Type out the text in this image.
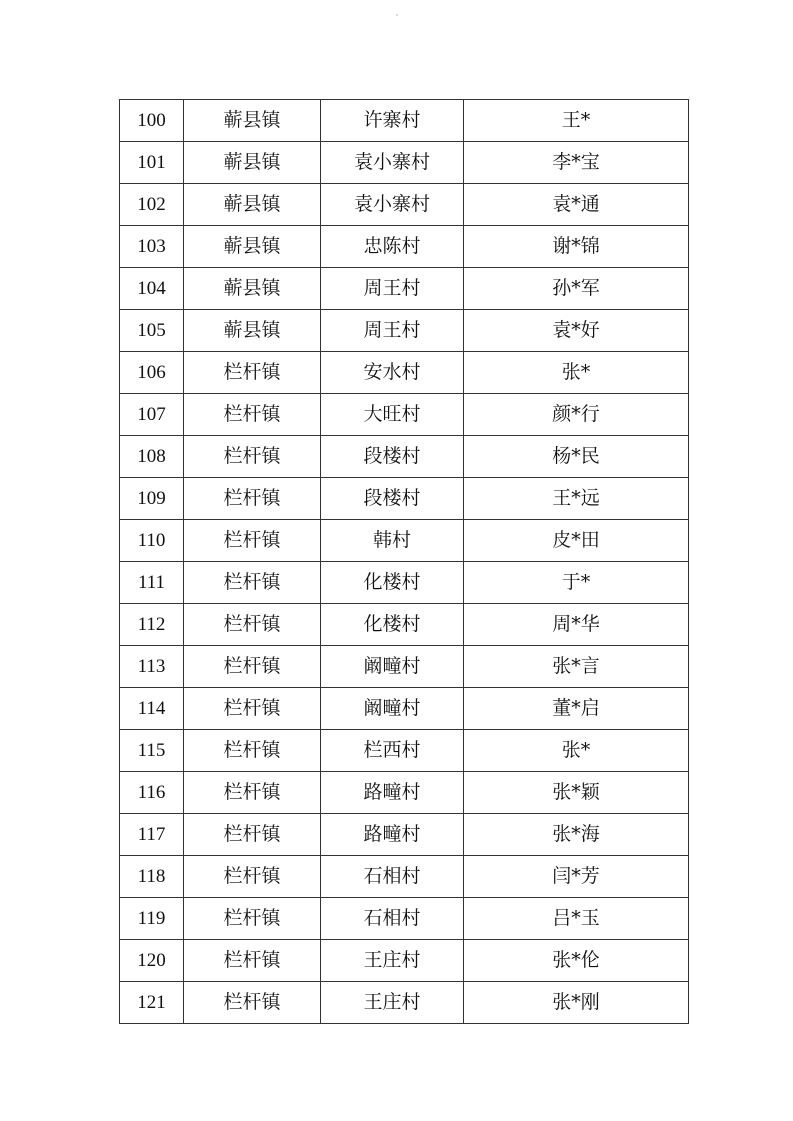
100	蕲县镇	许寨村	王*
101	蕲县镇	袁小寨村	李*宝
102	蕲县镇	袁小寨村	袁*通
103	蕲县镇	忠陈村	谢*锦
104	蕲县镇	周王村	孙*军
105	蕲县镇	周王村	袁*好
106	栏杆镇	安水村	张*
107	栏杆镇	大旺村	颜*行
108	栏杆镇	段楼村	杨*民
109	栏杆镇	段楼村	王*远
110	栏杆镇	韩村	皮*田
111	栏杆镇	化楼村	于*
112	栏杆镇	化楼村	周*华
113	栏杆镇	阚疃村	张*言
114	栏杆镇	阚疃村	董*启
115	栏杆镇	栏西村	张*
116	栏杆镇	路疃村	张*颖
117	栏杆镇	路疃村	张*海
118	栏杆镇	石相村	闫*芳
119	栏杆镇	石相村	吕*玉
120	栏杆镇	王庄村	张*伦
121	栏杆镇	王庄村	张*刚
